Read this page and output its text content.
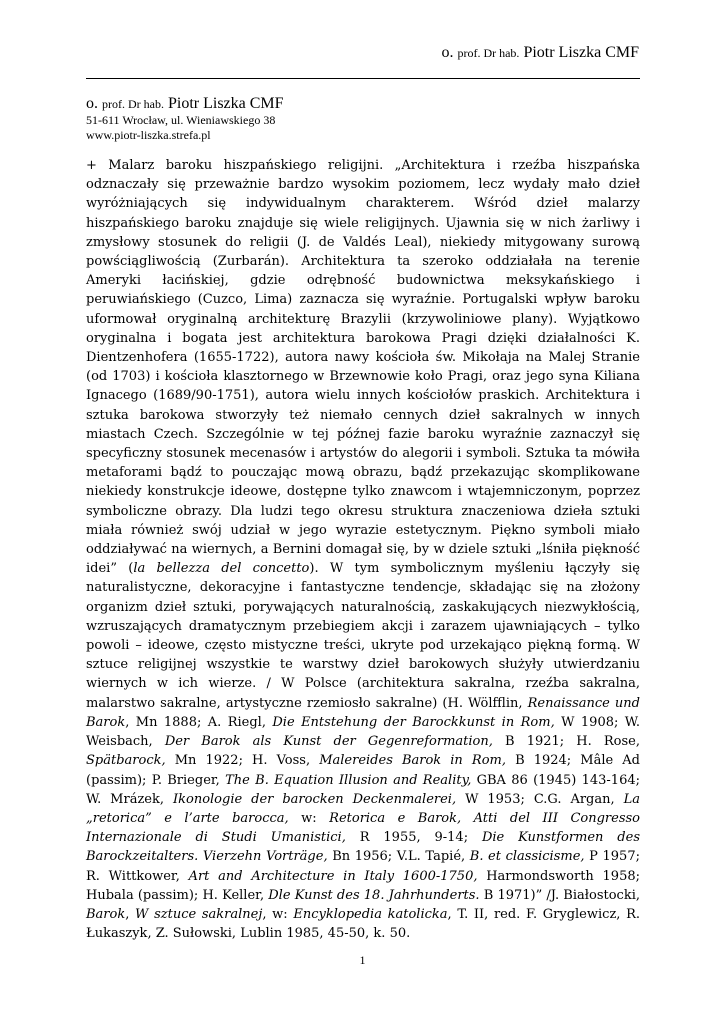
o. prof. Dr hab. Piotr Liszka CMF
o. prof. Dr hab. Piotr Liszka CMF
51-611 Wrocław, ul. Wieniawskiego 38
www.piotr-liszka.strefa.pl

+ Malarz baroku hiszpańskiego religijni. „Architektura i rzeźba hiszpańska odznaczały się przeważnie bardzo wysokim poziomem, lecz wydały mało dzieł wyróżniających się indywidualnym charakterem. Wśród dzieł malarzy hiszpańskiego baroku znajduje się wiele religijnych. Ujawnia się w nich żarliwy i zmysłowy stosunek do religii (J. de Valdés Leal), niekiedy mitygowany surową powściągliwością (Zurbarán). Architektura ta szeroko oddziałała na terenie Ameryki łacińskiej, gdzie odrębność budownictwa meksykańskiego i peruwiańskiego (Cuzco, Lima) zaznacza się wyraźnie. Portugalski wpływ baroku uformował oryginalną architekturę Brazylii (krzywoliniowe plany). Wyjątkowo oryginalna i bogata jest architektura barokowa Pragi dzięki działalności K. Dientzenhofera (1655-1722), autora nawy kościoła św. Mikołaja na Malej Stranie (od 1703) i kościoła klasztornego w Brzewnowie koło Pragi, oraz jego syna Kiliana Ignacego (1689/90-1751), autora wielu innych kościołów praskich. Architektura i sztuka barokowa stworzyły też niemało cennych dzieł sakralnych w innych miastach Czech. Szczególnie w tej późnej fazie baroku wyraźnie zaznaczył się specyficzny stosunek mecenasów i artystów do alegorii i symboli. Sztuka ta mówiła metaforami bądź to pouczając mową obrazu, bądź przekazując skomplikowane niekiedy konstrukcje ideowe, dostępne tylko znawcom i wtajemniczonym, poprzez symboliczne obrazy. Dla ludzi tego okresu struktura znaczeniowa dzieła sztuki miała również swój udział w jego wyrazie estetycznym. Piękno symboli miało oddziaływać na wiernych, a Bernini domagał się, by w dziele sztuki „lśniła piękność idei” (la bellezza del concetto). W tym symbolicznym myśleniu łączyły się naturalistyczne, dekoracyjne i fantastyczne tendencje, składając się na złożony organizm dzieł sztuki, porywających naturalnością, zaskakujących niezwykłością, wzruszających dramatycznym przebiegiem akcji i zarazem ujawniających – tylko powoli – ideowe, często mistyczne treści, ukryte pod urzekająco piękną formą. W sztuce religijnej wszystkie te warstwy dzieł barokowych służyły utwierdzaniu wiernych w ich wierze. / W Polsce (architektura sakralna, rzeźba sakralna, malarstwo sakralne, artystyczne rzemiosło sakralne) (H. Wölfflin, Renaissance und Barok, Mn 1888; A. Riegl, Die Entstehung der Barockkunst in Rom, W 1908; W. Weisbach, Der Barok als Kunst der Gegenreformation, B 1921; H. Rose, Spätbarock, Mn 1922; H. Voss, Malereides Barok in Rom, B 1924; Mâle Ad (passim); P. Brieger, The B. Equation Illusion and Reality, GBA 86 (1945) 143-164; W. Mrázek, Ikonologie der barocken Deckenmalerei, W 1953; C.G. Argan, La „retorica” e l’arte barocca, w: Retorica e Barok, Atti del III Congresso Internazionale di Studi Umanistici, R 1955, 9-14; Die Kunstformen des Barockzeitalters. Vierzehn Vorträge, Bn 1956; V.L. Tapié, B. et classicisme, P 1957; R. Wittkower, Art and Architecture in Italy 1600-1750, Harmondsworth 1958; Hubala (passim); H. Keller, Dle Kunst des 18. Jahrhunderts. B 1971)” /J. Białostocki, Barok, W sztuce sakralnej, w: Encyklopedia katolicka, T. II, red. F. Gryglewicz, R. Łukaszyk, Z. Sułowski, Lublin 1985, 45-50, k. 50.

1
